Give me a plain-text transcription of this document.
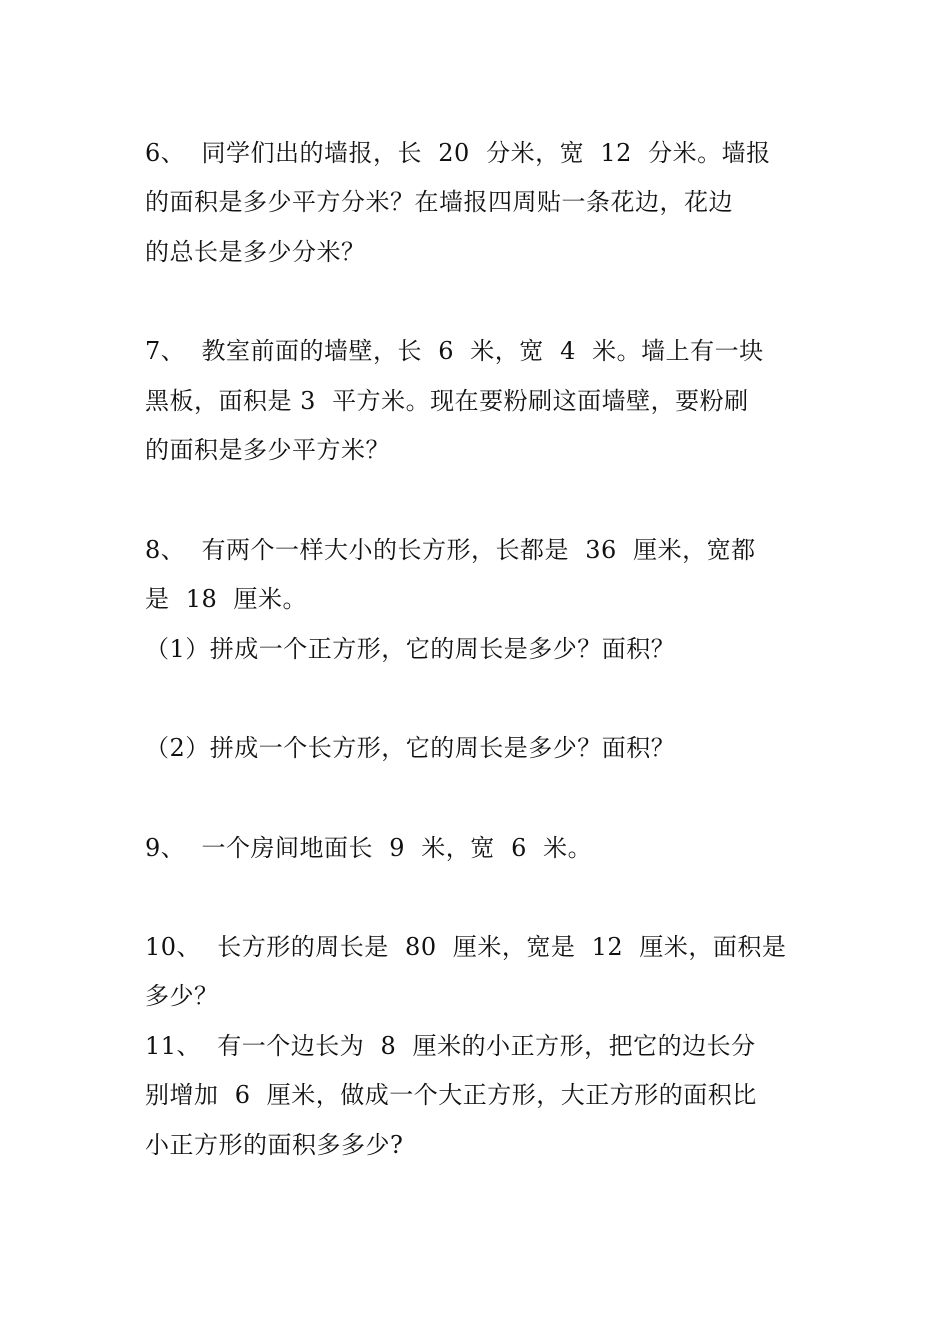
6、  同学们出的墙报，长  20  分米，宽  12  分米。墙报
的面积是多少平方分米？在墙报四周贴一条花边，花边
的总长是多少分米？
7、  教室前面的墙壁，长  6  米，宽  4  米。墙上有一块
黑板，面积是 3  平方米。现在要粉刷这面墙壁，要粉刷
的面积是多少平方米？
8、  有两个一样大小的长方形，长都是  36  厘米，宽都
是  18  厘米。
（1）拼成一个正方形，它的周长是多少？面积？
（2）拼成一个长方形，它的周长是多少？面积？
9、  一个房间地面长  9  米，宽  6  米。
10、  长方形的周长是  80  厘米，宽是  12  厘米，面积是
多少？
11、  有一个边长为  8  厘米的小正方形，把它的边长分
别增加  6  厘米，做成一个大正方形，大正方形的面积比
小正方形的面积多多少?
